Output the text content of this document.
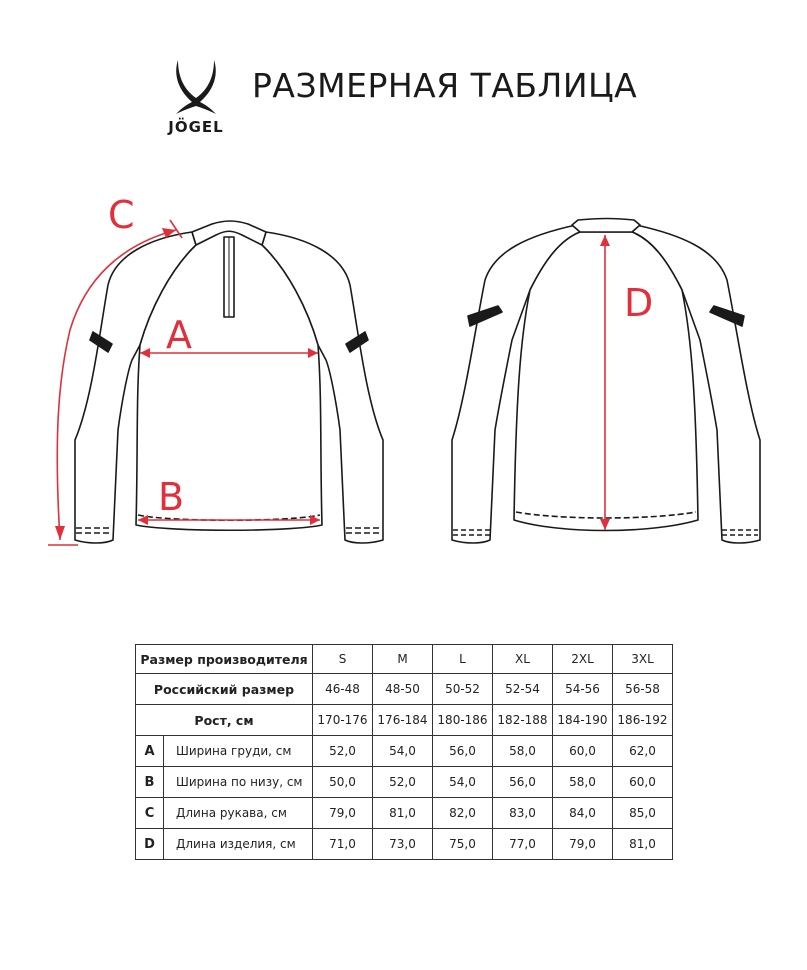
JÖGEL
РАЗМЕРНАЯ ТАБЛИЦА
C
A
B
D
Размер производителя		S	M	L	XL	2XL	3XL
Российский размер		46-48	48-50	50-52	52-54	54-56	56-58
Рост, см		170-176	176-184	180-186	182-188	184-190	186-192
A	Ширина груди, см	52,0	54,0	56,0	58,0	60,0	62,0
B	Ширина по низу, см	50,0	52,0	54,0	56,0	58,0	60,0
C	Длина рукава, см	79,0	81,0	82,0	83,0	84,0	85,0
D	Длина изделия, см	71,0	73,0	75,0	77,0	79,0	81,0
